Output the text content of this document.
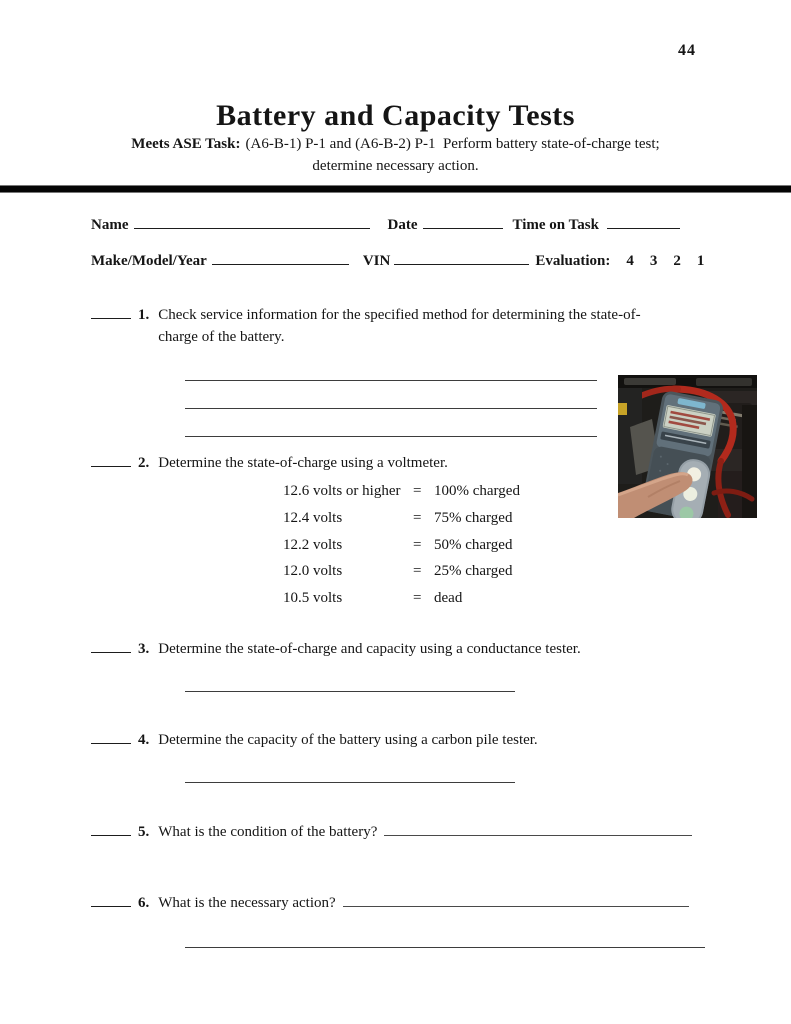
44
Battery and Capacity Tests
Meets ASE Task: (A6-B-1) P-1 and (A6-B-2) P-1  Perform battery state-of-charge test;
determine necessary action.
Name	Date	Time on Task
Make/Model/Year	VIN	Evaluation: 4 3 2 1
1. Check service information for the specified method for determining the state-of-charge of the battery.
2. Determine the state-of-charge using a voltmeter.
12.6 volts or higher = 100% charged
12.4 volts	= 75% charged
12.2 volts	= 50% charged
12.0 volts	= 25% charged
10.5 volts	= dead
3. Determine the state-of-charge and capacity using a conductance tester.
4. Determine the capacity of the battery using a carbon pile tester.
5. What is the condition of the battery?
6. What is the necessary action?
